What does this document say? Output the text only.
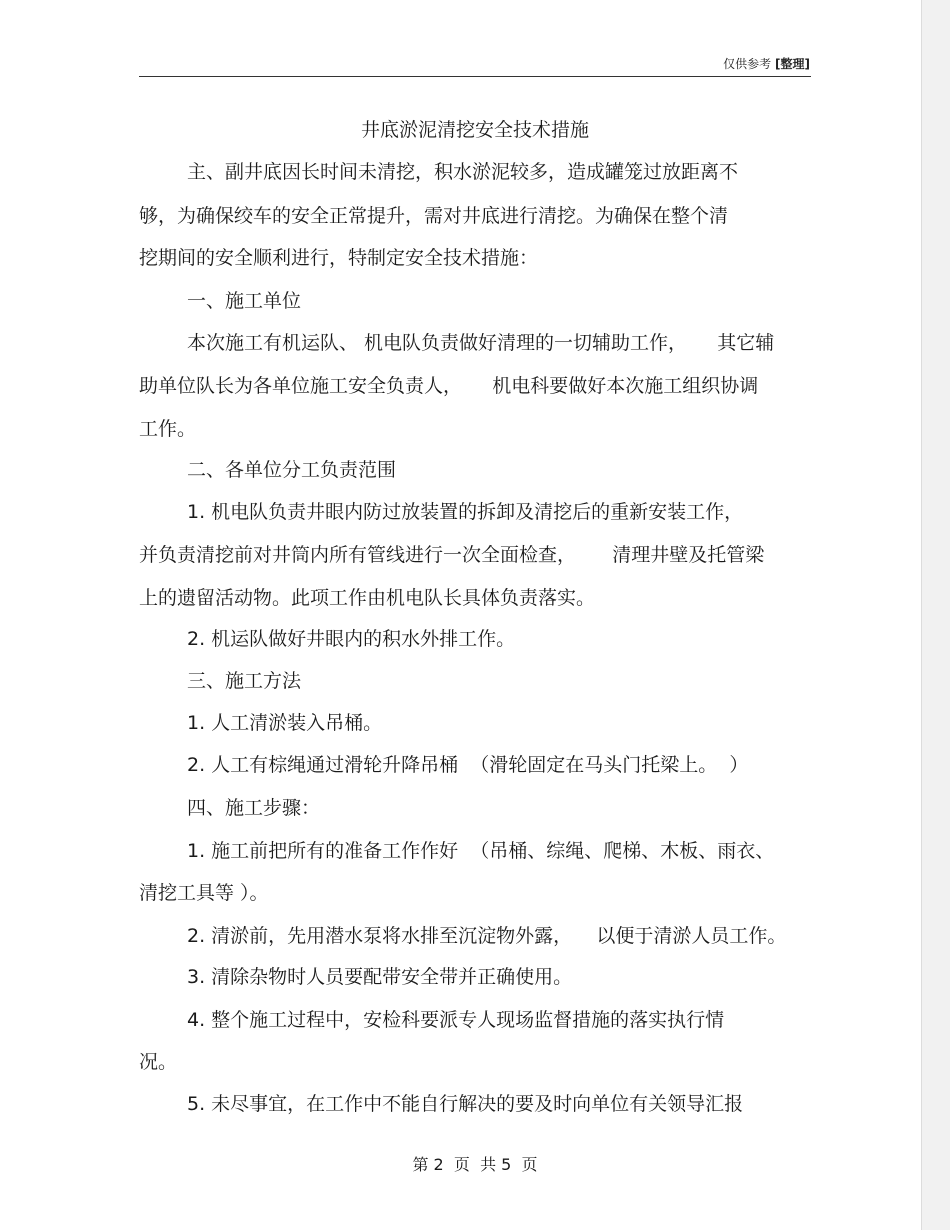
仅供参考 [整理]
井底淤泥清挖安全技术措施
主、副井底因长时间未清挖，积水淤泥较多，造成罐笼过放距离不
够，为确保绞车的安全正常提升，需对井底进行清挖。为确保在整个清
挖期间的安全顺利进行，特制定安全技术措施：
一、施工单位
本次施工有机运队、 机电队负责做好清理的一切辅助工作，     其它辅
助单位队长为各单位施工安全负责人，     机电科要做好本次施工组织协调
工作。
二、各单位分工负责范围
1. 机电队负责井眼内防过放装置的拆卸及清挖后的重新安装工作，
并负责清挖前对井筒内所有管线进行一次全面检查，      清理井壁及托管梁
上的遗留活动物。此项工作由机电队长具体负责落实。
2. 机运队做好井眼内的积水外排工作。
三、施工方法
1. 人工清淤装入吊桶。
2. 人工有棕绳通过滑轮升降吊桶  （滑轮固定在马头门托梁上。  ）
四、施工步骤：
1. 施工前把所有的准备工作作好  （吊桶、综绳、爬梯、木板、雨衣、
清挖工具等 ）。
2. 清淤前，先用潜水泵将水排至沉淀物外露，    以便于清淤人员工作。
3. 清除杂物时人员要配带安全带并正确使用。
4. 整个施工过程中，安检科要派专人现场监督措施的落实执行情
况。
5. 未尽事宜，在工作中不能自行解决的要及时向单位有关领导汇报
第 2  页  共 5  页
